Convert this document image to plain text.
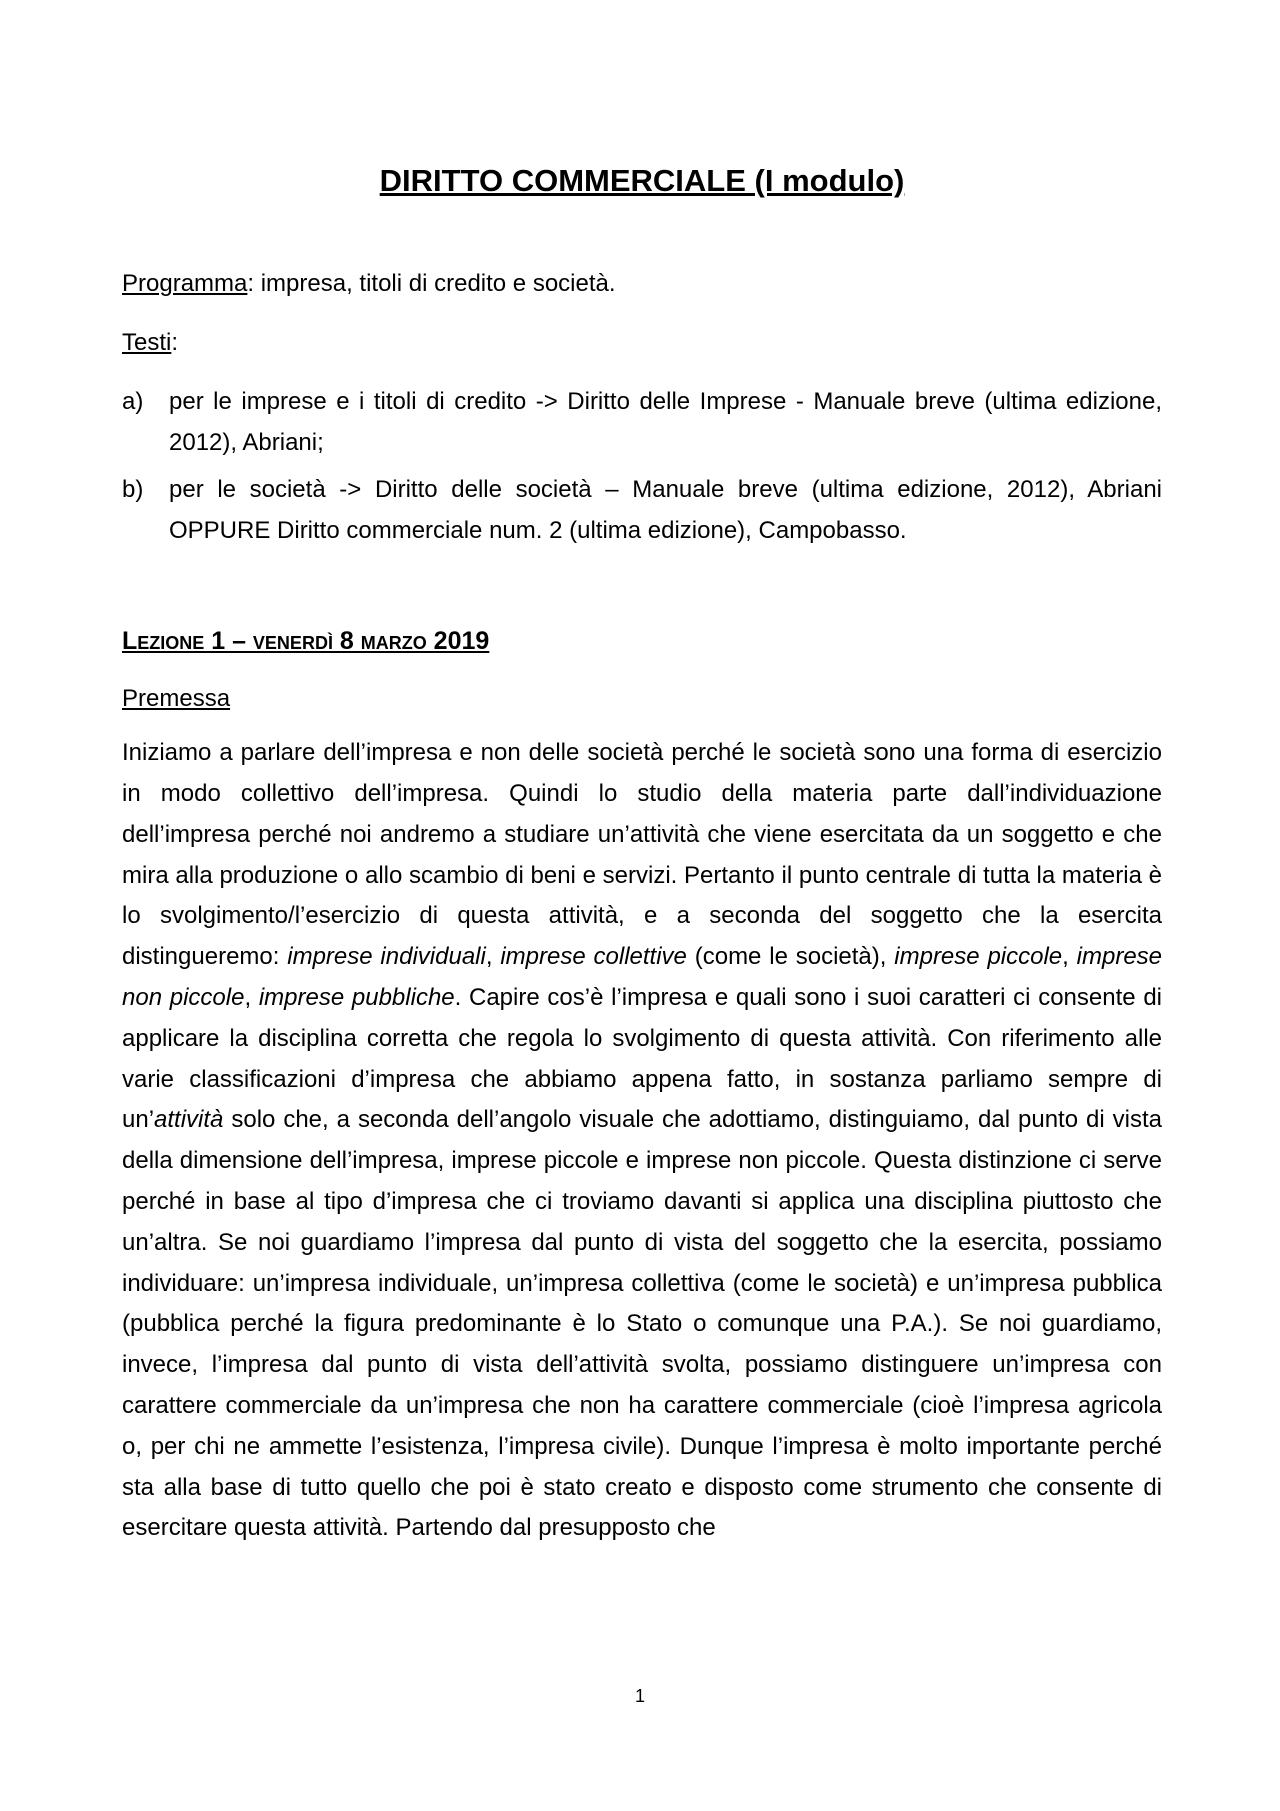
DIRITTO COMMERCIALE (I modulo)

Programma: impresa, titoli di credito e società.

Testi:

a) per le imprese e i titoli di credito -> Diritto delle Imprese - Manuale breve (ultima edizione, 2012), Abriani;
b) per le società -> Diritto delle società – Manuale breve (ultima edizione, 2012), Abriani OPPURE Diritto commerciale num. 2 (ultima edizione), Campobasso.
Lezione 1 – venerdì 8 marzo 2019
Premessa

Iniziamo a parlare dell’impresa e non delle società perché le società sono una forma di esercizio in modo collettivo dell’impresa. Quindi lo studio della materia parte dall’individuazione dell’impresa perché noi andremo a studiare un’attività che viene esercitata da un soggetto e che mira alla produzione o allo scambio di beni e servizi. Pertanto il punto centrale di tutta la materia è lo svolgimento/l’esercizio di questa attività, e a seconda del soggetto che la esercita distingueremo: imprese individuali, imprese collettive (come le società), imprese piccole, imprese non piccole, imprese pubbliche. Capire cos’è l’impresa e quali sono i suoi caratteri ci consente di applicare la disciplina corretta che regola lo svolgimento di questa attività. Con riferimento alle varie classificazioni d’impresa che abbiamo appena fatto, in sostanza parliamo sempre di un’attività solo che, a seconda dell’angolo visuale che adottiamo, distinguiamo, dal punto di vista della dimensione dell’impresa, imprese piccole e imprese non piccole. Questa distinzione ci serve perché in base al tipo d’impresa che ci troviamo davanti si applica una disciplina piuttosto che un’altra. Se noi guardiamo l’impresa dal punto di vista del soggetto che la esercita, possiamo individuare: un’impresa individuale, un’impresa collettiva (come le società) e un’impresa pubblica (pubblica perché la figura predominante è lo Stato o comunque una P.A.). Se noi guardiamo, invece, l’impresa dal punto di vista dell’attività svolta, possiamo distinguere un’impresa con carattere commerciale da un’impresa che non ha carattere commerciale (cioè l’impresa agricola o, per chi ne ammette l’esistenza, l’impresa civile). Dunque l’impresa è molto importante perché sta alla base di tutto quello che poi è stato creato e disposto come strumento che consente di esercitare questa attività. Partendo dal presupposto che

1
